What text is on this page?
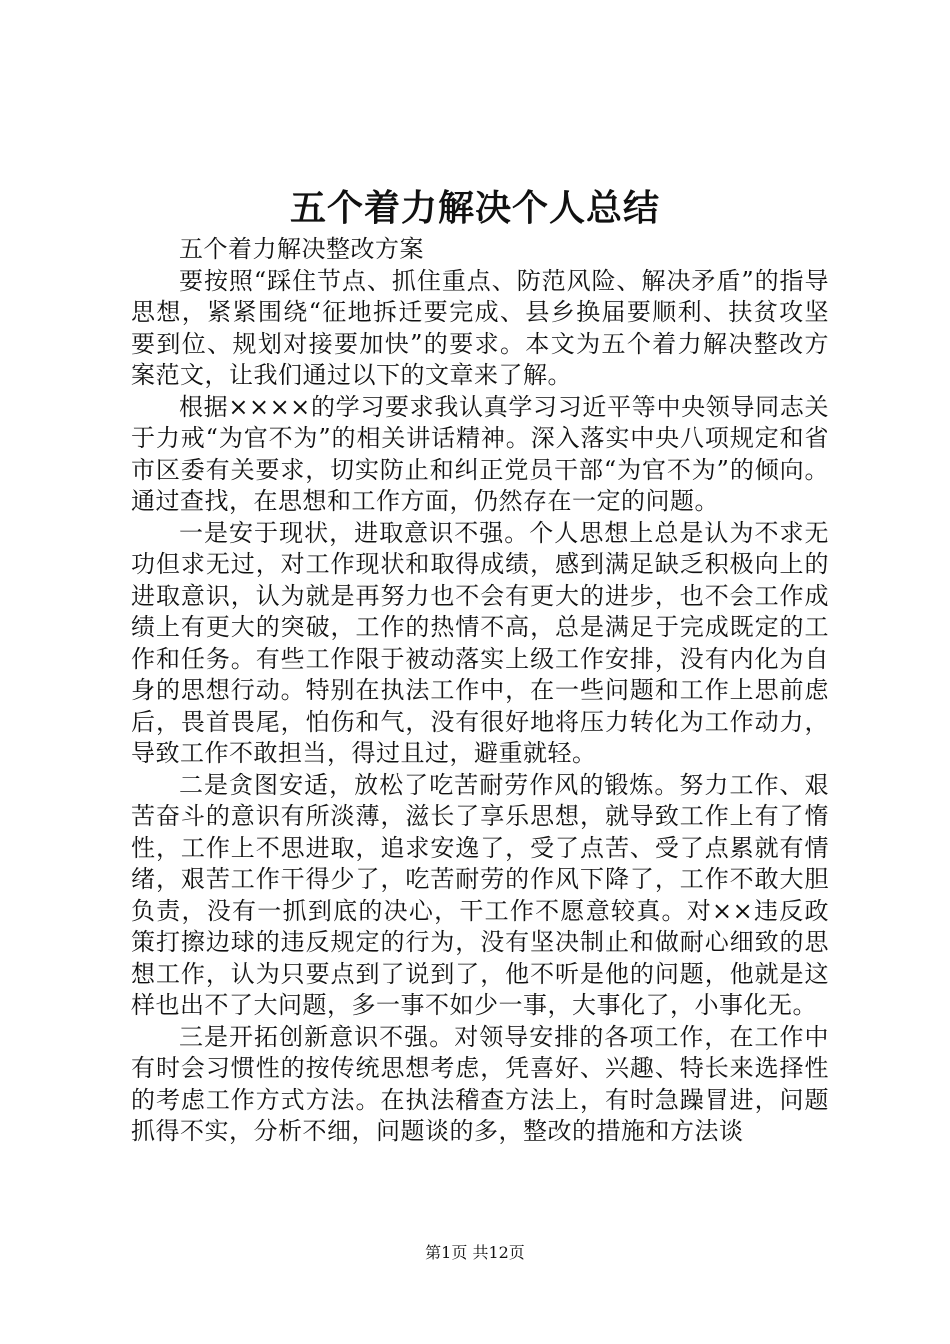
五个着力解决个人总结

五个着力解决整改方案

要按照“踩住节点、抓住重点、防范风险、解决矛盾”的指导思想，紧紧围绕“征地拆迁要完成、县乡换届要顺利、扶贫攻坚要到位、规划对接要加快”的要求。本文为五个着力解决整改方案范文，让我们通过以下的文章来了解。

根据××××的学习要求我认真学习习近平等中央领导同志关于力戒“为官不为”的相关讲话精神。深入落实中央八项规定和省市区委有关要求，切实防止和纠正党员干部“为官不为”的倾向。通过查找，在思想和工作方面，仍然存在一定的问题。

一是安于现状，进取意识不强。个人思想上总是认为不求无功但求无过，对工作现状和取得成绩，感到满足缺乏积极向上的进取意识，认为就是再努力也不会有更大的进步，也不会工作成绩上有更大的突破，工作的热情不高，总是满足于完成既定的工作和任务。有些工作限于被动落实上级工作安排，没有内化为自身的思想行动。特别在执法工作中，在一些问题和工作上思前虑后，畏首畏尾，怕伤和气，没有很好地将压力转化为工作动力，导致工作不敢担当，得过且过，避重就轻。

二是贪图安适，放松了吃苦耐劳作风的锻炼。努力工作、艰苦奋斗的意识有所淡薄，滋长了享乐思想，就导致工作上有了惰性，工作上不思进取，追求安逸了，受了点苦、受了点累就有情绪，艰苦工作干得少了，吃苦耐劳的作风下降了，工作不敢大胆负责，没有一抓到底的决心，干工作不愿意较真。对××违反政策打擦边球的违反规定的行为，没有坚决制止和做耐心细致的思想工作，认为只要点到了说到了，他不听是他的问题，他就是这样也出不了大问题，多一事不如少一事，大事化了，小事化无。

三是开拓创新意识不强。对领导安排的各项工作，在工作中有时会习惯性的按传统思想考虑，凭喜好、兴趣、特长来选择性的考虑工作方式方法。在执法稽查方法上，有时急躁冒进，问题抓得不实，分析不细，问题谈的多，整改的措施和方法谈

第1页 共12页
